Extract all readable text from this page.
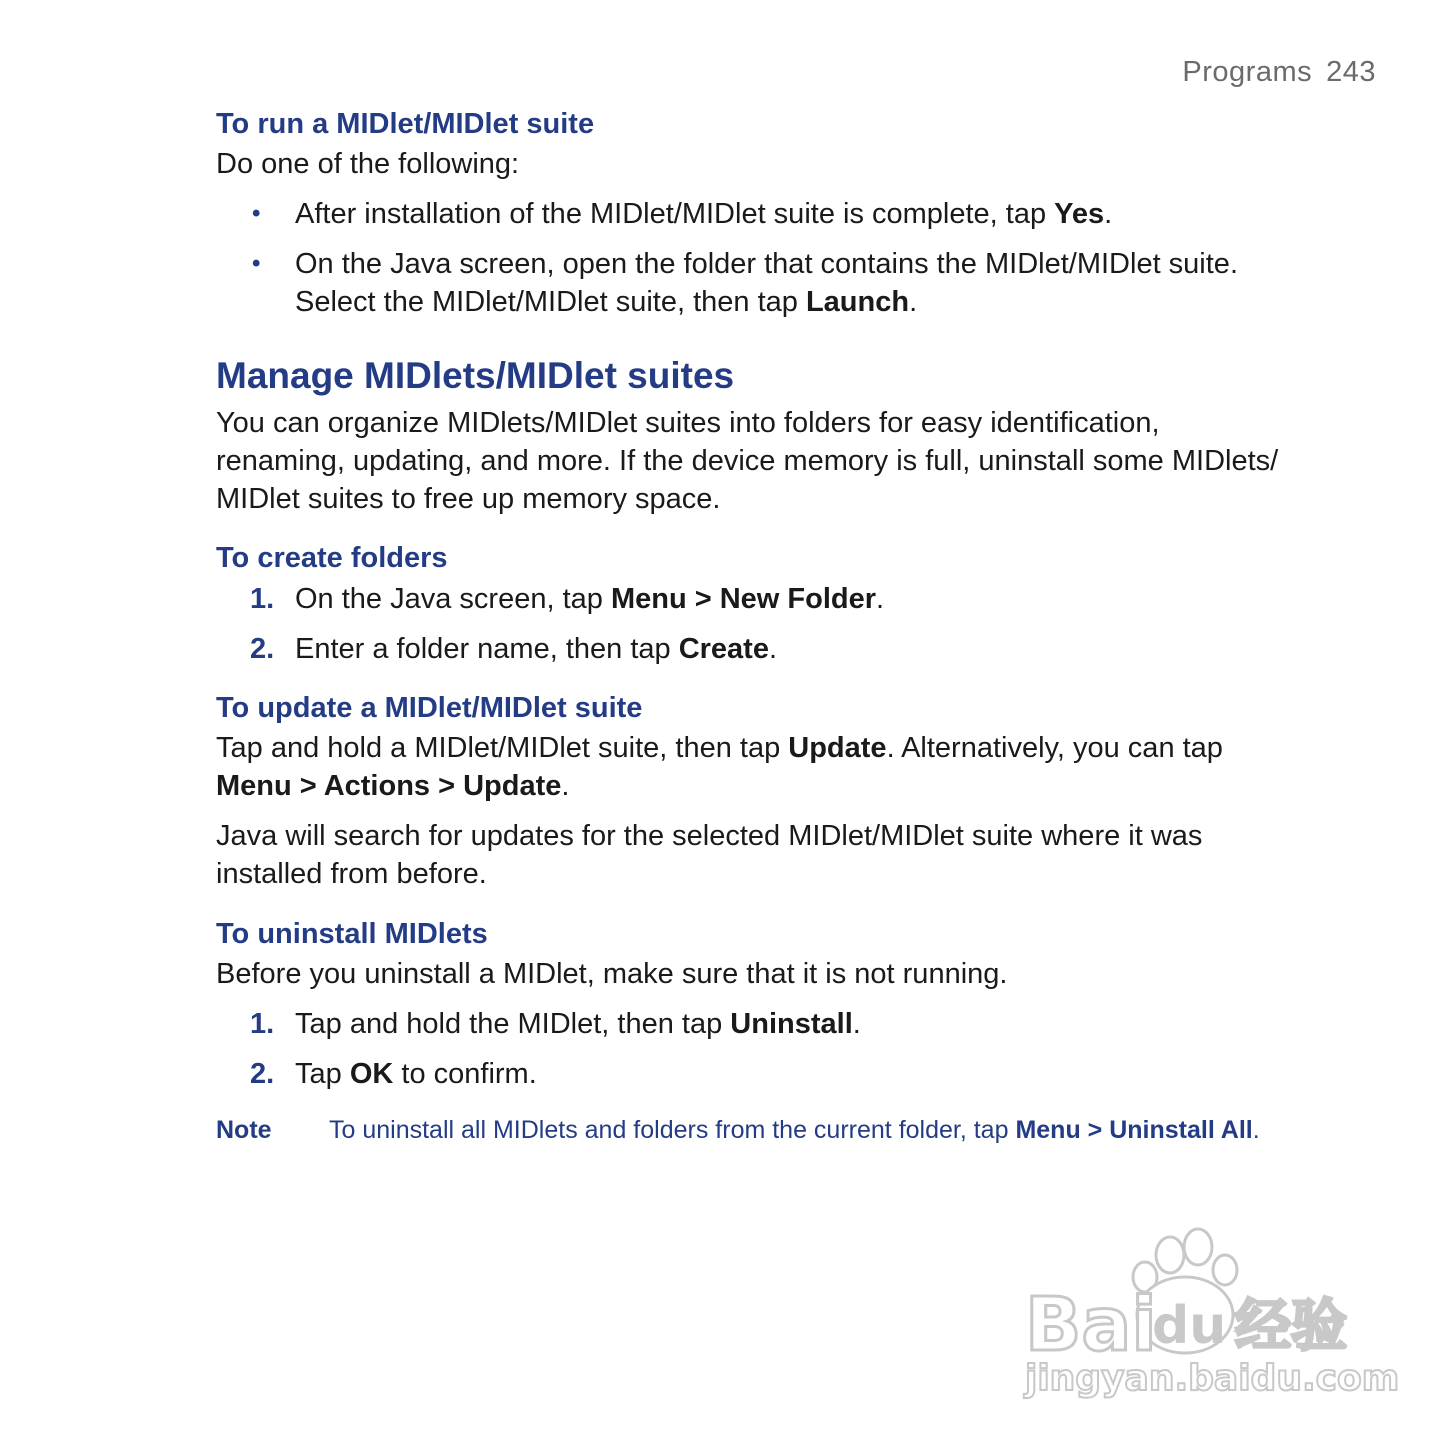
Programs 243
To run a MIDlet/MIDlet suite
Do one of the following:
•	After installation of the MIDlet/MIDlet suite is complete, tap Yes.
•	On the Java screen, open the folder that contains the MIDlet/MIDlet suite.
Select the MIDlet/MIDlet suite, then tap Launch.
Manage MIDlets/MIDlet suites
You can organize MIDlets/MIDlet suites into folders for easy identification,
renaming, updating, and more. If the device memory is full, uninstall some MIDlets/
MIDlet suites to free up memory space.
To create folders
1. On the Java screen, tap Menu > New Folder.
2. Enter a folder name, then tap Create.
To update a MIDlet/MIDlet suite
Tap and hold a MIDlet/MIDlet suite, then tap Update. Alternatively, you can tap
Menu > Actions > Update.
Java will search for updates for the selected MIDlet/MIDlet suite where it was
installed from before.
To uninstall MIDlets
Before you uninstall a MIDlet, make sure that it is not running.
1. Tap and hold the MIDlet, then tap Uninstall.
2. Tap OK to confirm.
Note To uninstall all MIDlets and folders from the current folder, tap Menu > Uninstall All.
Bai
du 经验
jingyan.baidu.com
